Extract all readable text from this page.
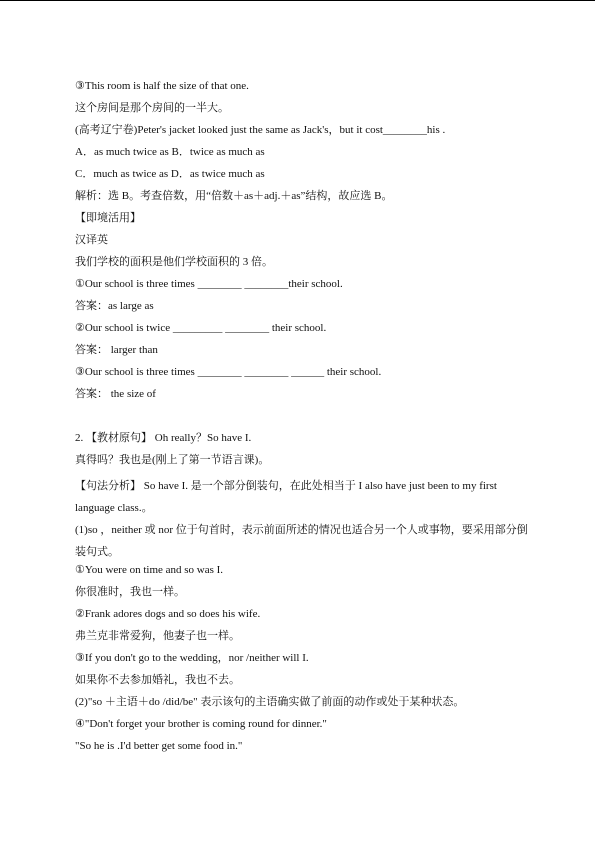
③This room is half the size of that one.
这个房间是那个房间的一半大。
(高考辽宁卷)Peter's jacket looked just the same as Jack's，but it cost________his .
A．as much twice as B．twice as much as
C．much as twice as D．as twice much as
解析：选 B。考查倍数，用“倍数＋as＋adj.＋as”结构，故应选 B。
【即境活用】
汉译英
我们学校的面积是他们学校面积的 3 倍。
①Our school is three times ________ ________their school.
答案：as large as
②Our school is twice _________ ________ their school.
答案： larger than
③Our school is three times ________ ________ ______ their school.
答案： the size of
2. 【教材原句】 Oh really？So have I.
真得吗？我也是(刚上了第一节语言课)。
【句法分析】 So have I. 是一个部分倒装句，在此处相当于 I also have just been to my first language class.。
(1)so ，neither 或 nor 位于句首时，表示前面所述的情况也适合另一个人或事物，要采用部分倒装句式。
①You were on time and so was I.
你很准时，我也一样。
②Frank adores dogs and so does his wife.
弗兰克非常爱狗，他妻子也一样。
③If you don't go to the wedding，nor /neither will I.
如果你不去参加婚礼，我也不去。
(2)"so ＋主语＋do /did/be" 表示该句的主语确实做了前面的动作或处于某种状态。
④"Don't forget your brother is coming round for dinner."
"So he is .I'd better get some food in."
